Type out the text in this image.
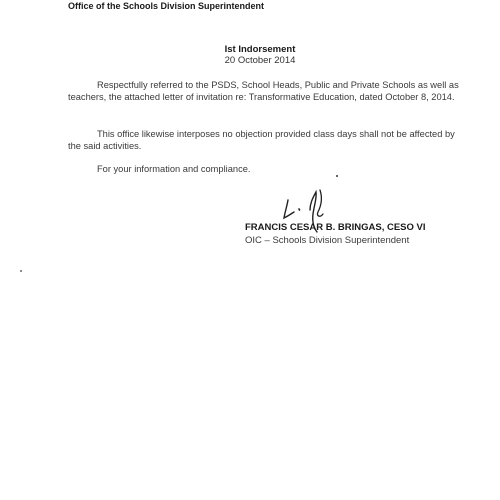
Office of the Schools Division Superintendent
Ist Indorsement
20 October 2014

Respectfully referred to the PSDS, School Heads, Public and Private Schools as well as teachers, the attached letter of invitation re: Transformative Education, dated October 8, 2014.

This office likewise interposes no objection provided class days shall not be affected by the said activities.

For your information and compliance.

FRANCIS CESAR B. BRINGAS, CESO VI
OIC – Schools Division Superintendent
